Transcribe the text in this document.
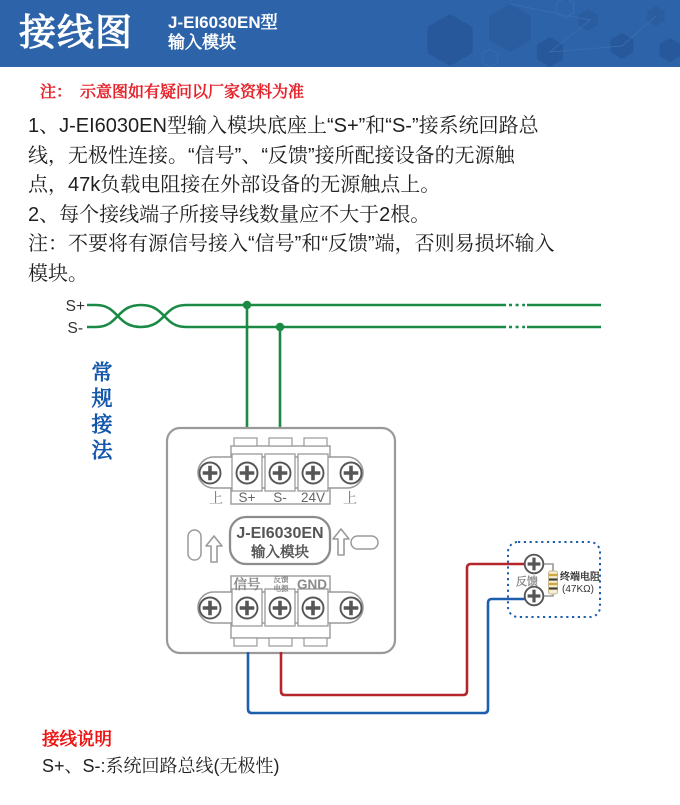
接线图 J-EI6030EN型
输入模块
注：　示意图如有疑问以厂家资料为准
1、J-EI6030EN型输入模块底座上“S+”和“S-”接系统回路总
线，无极性连接。“信号”、“反馈”接所配接设备的无源触
点，47k负载电阻接在外部设备的无源触点上。
2、每个接线端子所接导线数量应不大于2根。
注：不要将有源信号接入“信号”和“反馈”端，否则易损坏输入
模块。
S+
S-
上 S+ S- 24V 上
J-EI6030EN
输入模块
信号 反馈
电源 GND	反馈 终端电阻
(47KΩ)
常规接法
接线说明
S+、S-:系统回路总线(无极性)
